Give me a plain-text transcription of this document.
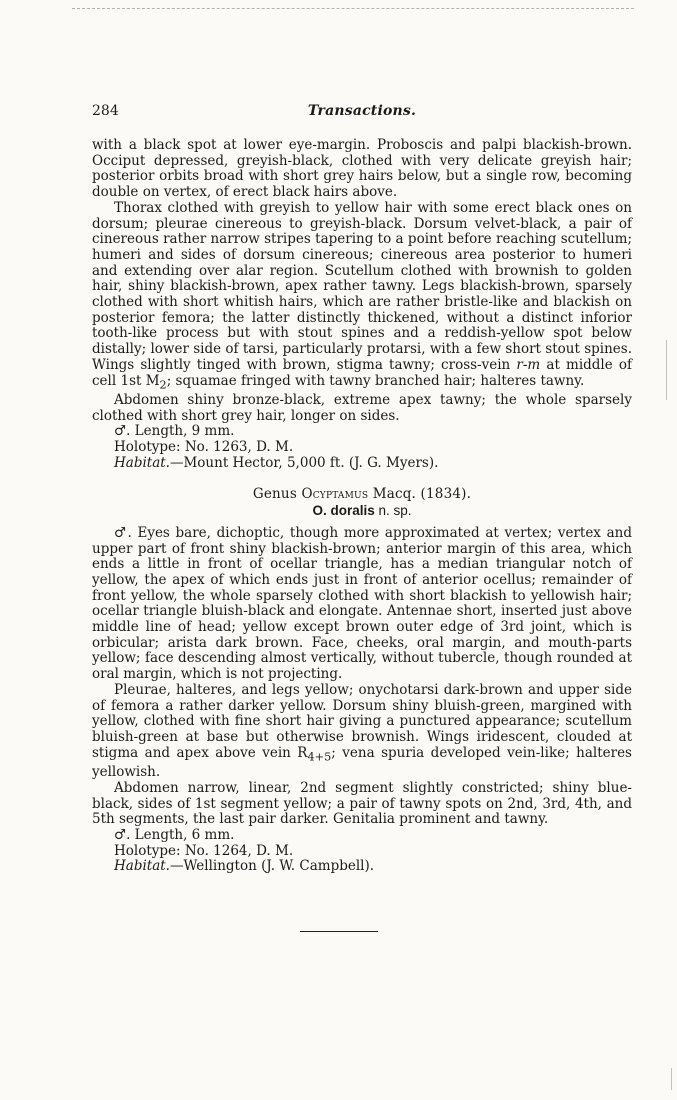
284	Transactions.

with a black spot at lower eye-margin. Proboscis and palpi blackish-brown. Occiput depressed, greyish-black, clothed with very delicate greyish hair; posterior orbits broad with short grey hairs below, but a single row, becoming double on vertex, of erect black hairs above.

Thorax clothed with greyish to yellow hair with some erect black ones on dorsum; pleurae cinereous to greyish-black. Dorsum velvet-black, a pair of cinereous rather narrow stripes tapering to a point before reaching scutellum; humeri and sides of dorsum cinereous; cinereous area posterior to humeri and extending over alar region. Scutellum clothed with brownish to golden hair, shiny blackish-brown, apex rather tawny. Legs blackish-brown, sparsely clothed with short whitish hairs, which are rather bristle-like and blackish on posterior femora; the latter distinctly thickened, without a distinct inforior tooth-like process but with stout spines and a reddish-yellow spot below distally; lower side of tarsi, particularly protarsi, with a few short stout spines. Wings slightly tinged with brown, stigma tawny; cross-vein r-m at middle of cell 1st $M_2$; squamae fringed with tawny branched hair; halteres tawny.

Abdomen shiny bronze-black, extreme apex tawny; the whole sparsely clothed with short grey hair, longer on sides.

♂. Length, 9 mm.

Holotype: No. 1263, D. M.

Habitat.—Mount Hector, 5,000 ft. (J. G. Myers).

Genus Ocyptamus Macq. (1834).

O. doralis n. sp.

♂. Eyes bare, dichoptic, though more approximated at vertex; vertex and upper part of front shiny blackish-brown; anterior margin of this area, which ends a little in front of ocellar triangle, has a median triangular notch of yellow, the apex of which ends just in front of anterior ocellus; remainder of front yellow, the whole sparsely clothed with short blackish to yellowish hair; ocellar triangle bluish-black and elongate. Antennae short, inserted just above middle line of head; yellow except brown outer edge of 3rd joint, which is orbicular; arista dark brown. Face, cheeks, oral margin, and mouth-parts yellow; face descending almost vertically, without tubercle, though rounded at oral margin, which is not projecting.

Pleurae, halteres, and legs yellow; onychotarsi dark-brown and upper side of femora a rather darker yellow. Dorsum shiny bluish-green, margined with yellow, clothed with fine short hair giving a punctured appearance; scutellum bluish-green at base but otherwise brownish. Wings iridescent, clouded at stigma and apex above vein $R_{4+5}$; vena spuria developed vein-like; halteres yellowish.

Abdomen narrow, linear, 2nd segment slightly constricted; shiny blue-black, sides of 1st segment yellow; a pair of tawny spots on 2nd, 3rd, 4th, and 5th segments, the last pair darker. Genitalia prominent and tawny.

♂. Length, 6 mm.

Holotype: No. 1264, D. M.

Habitat.—Wellington (J. W. Campbell).
